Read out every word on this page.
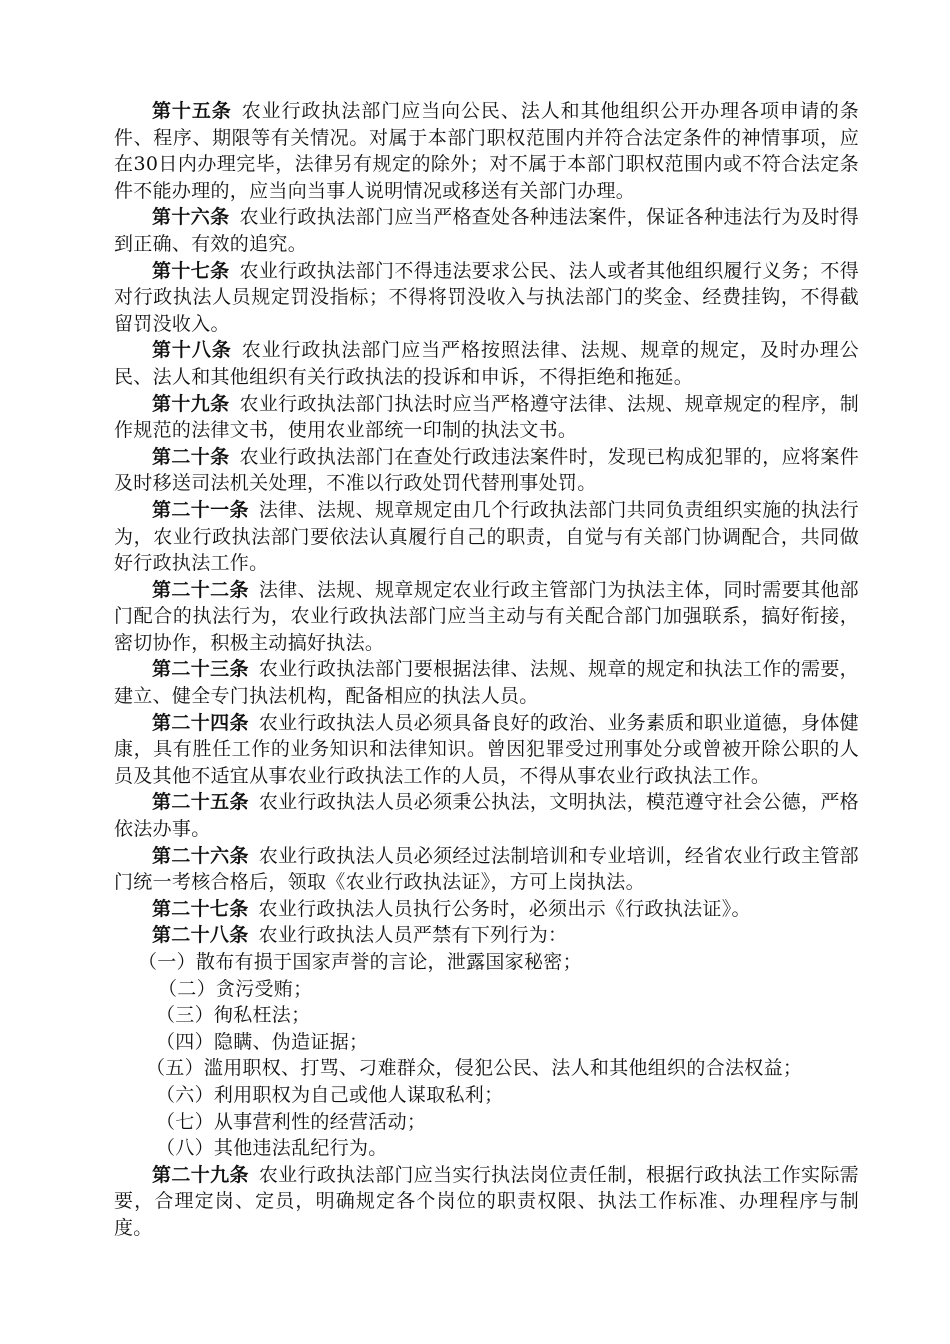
第十五条 农业行政执法部门应当向公民、法人和其他组织公开办理各项申请的条件、程序、期限等有关情况。对属于本部门职权范围内并符合法定条件的神情事项，应在30日内办理完毕，法律另有规定的除外；对不属于本部门职权范围内或不符合法定条件不能办理的，应当向当事人说明情况或移送有关部门办理。

第十六条 农业行政执法部门应当严格查处各种违法案件，保证各种违法行为及时得到正确、有效的追究。

第十七条 农业行政执法部门不得违法要求公民、法人或者其他组织履行义务；不得对行政执法人员规定罚没指标；不得将罚没收入与执法部门的奖金、经费挂钩，不得截留罚没收入。

第十八条 农业行政执法部门应当严格按照法律、法规、规章的规定，及时办理公民、法人和其他组织有关行政执法的投诉和申诉，不得拒绝和拖延。

第十九条 农业行政执法部门执法时应当严格遵守法律、法规、规章规定的程序，制作规范的法律文书，使用农业部统一印制的执法文书。

第二十条 农业行政执法部门在查处行政违法案件时，发现已构成犯罪的，应将案件及时移送司法机关处理，不准以行政处罚代替刑事处罚。

第二十一条 法律、法规、规章规定由几个行政执法部门共同负责组织实施的执法行为，农业行政执法部门要依法认真履行自己的职责，自觉与有关部门协调配合，共同做好行政执法工作。

第二十二条 法律、法规、规章规定农业行政主管部门为执法主体，同时需要其他部门配合的执法行为，农业行政执法部门应当主动与有关配合部门加强联系，搞好衔接，密切协作，积极主动搞好执法。

第二十三条 农业行政执法部门要根据法律、法规、规章的规定和执法工作的需要，建立、健全专门执法机构，配备相应的执法人员。

第二十四条 农业行政执法人员必须具备良好的政治、业务素质和职业道德，身体健康，具有胜任工作的业务知识和法律知识。曾因犯罪受过刑事处分或曾被开除公职的人员及其他不适宜从事农业行政执法工作的人员，不得从事农业行政执法工作。

第二十五条 农业行政执法人员必须秉公执法，文明执法，模范遵守社会公德，严格依法办事。

第二十六条 农业行政执法人员必须经过法制培训和专业培训，经省农业行政主管部门统一考核合格后，领取《农业行政执法证》，方可上岗执法。

第二十七条 农业行政执法人员执行公务时，必须出示《行政执法证》。

第二十八条 农业行政执法人员严禁有下列行为：

（一）散布有损于国家声誉的言论，泄露国家秘密；

（二）贪污受贿；

（三）徇私枉法；

（四）隐瞒、伪造证据；

（五）滥用职权、打骂、刁难群众，侵犯公民、法人和其他组织的合法权益；

（六）利用职权为自己或他人谋取私利；

（七）从事营利性的经营活动；

（八）其他违法乱纪行为。

第二十九条 农业行政执法部门应当实行执法岗位责任制，根据行政执法工作实际需要，合理定岗、定员，明确规定各个岗位的职责权限、执法工作标准、办理程序与制度。
